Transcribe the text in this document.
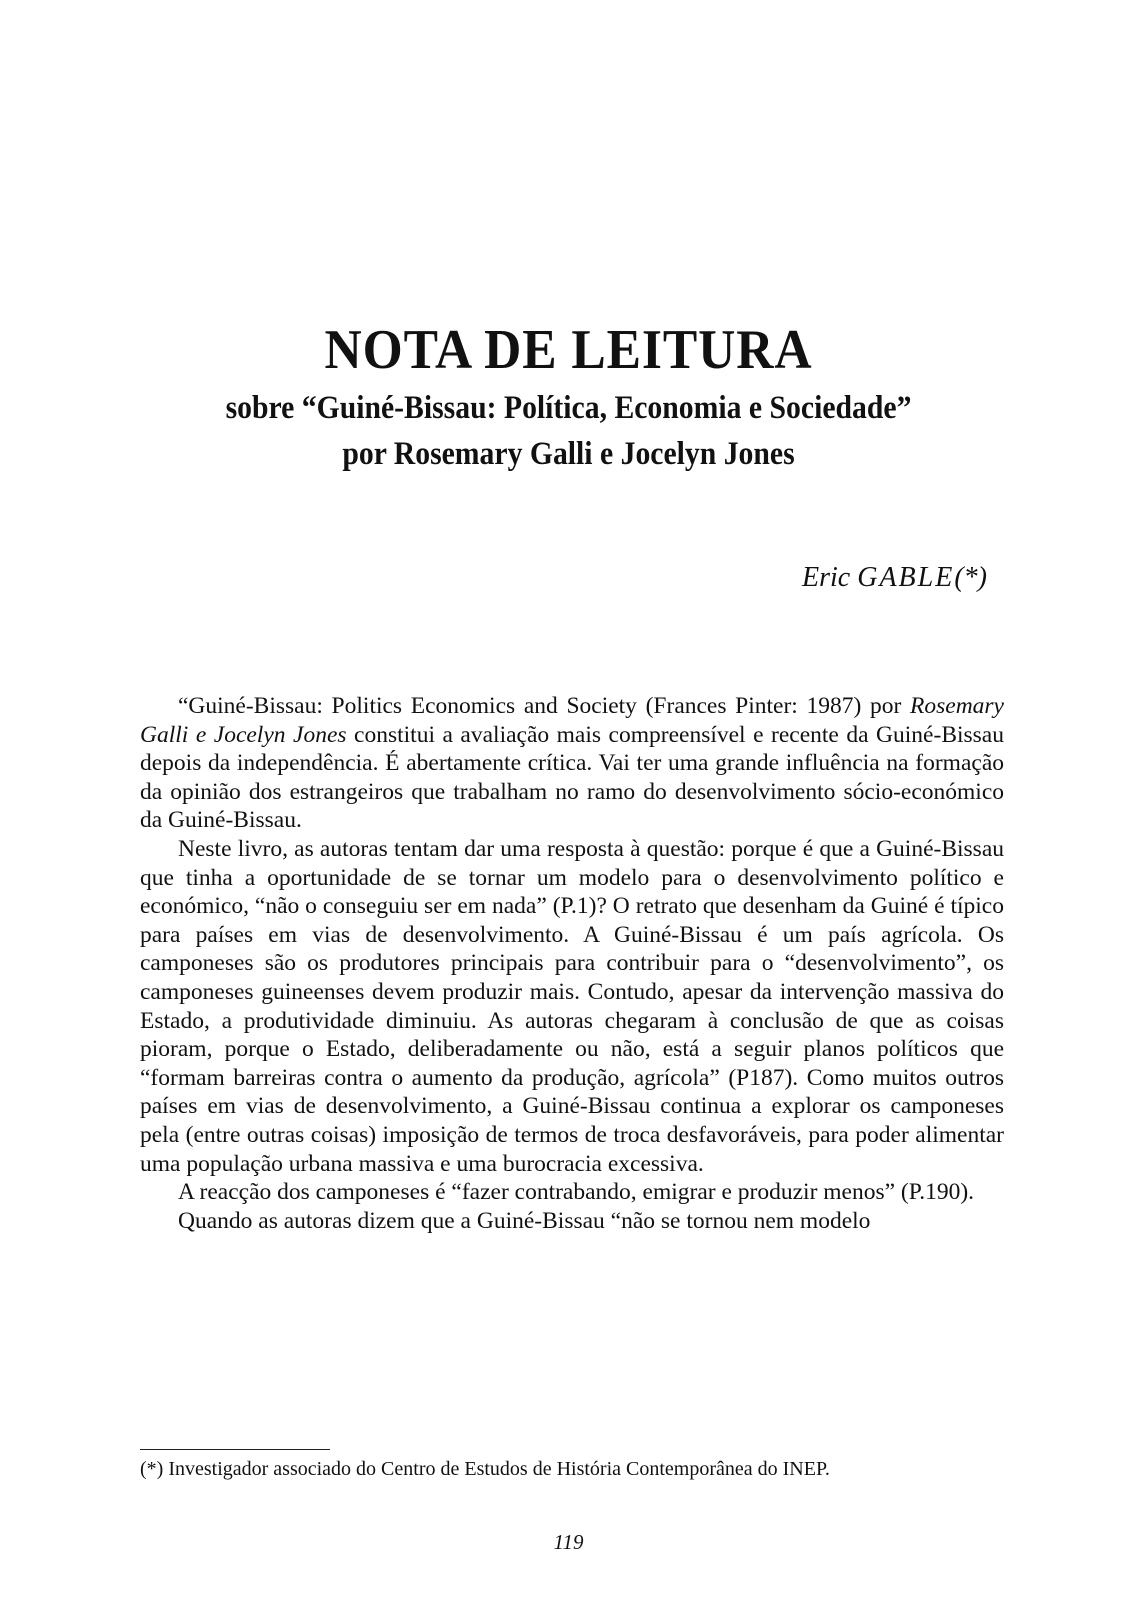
NOTA DE LEITURA
sobre “Guiné-Bissau: Política, Economia e Sociedade”
por Rosemary Galli e Jocelyn Jones
Eric GABLE(*)

“Guiné-Bissau: Politics Economics and Society (Frances Pinter: 1987) por Rosemary Galli e Jocelyn Jones constitui a avaliação mais compreensível e recente da Guiné-Bissau depois da independência. É abertamente crítica. Vai ter uma grande influência na formação da opinião dos estrangeiros que trabalham no ramo do desenvolvimento sócio-económico da Guiné-Bissau.

Neste livro, as autoras tentam dar uma resposta à questão: porque é que a Guiné-Bissau que tinha a oportunidade de se tornar um modelo para o desenvolvimento político e económico, “não o conseguiu ser em nada” (P.1)? O retrato que desenham da Guiné é típico para países em vias de desenvolvimento. A Guiné-Bissau é um país agrícola. Os camponeses são os produtores principais para contribuir para o “desenvolvimento”, os camponeses guineenses devem produzir mais. Contudo, apesar da intervenção massiva do Estado, a produtividade diminuiu. As autoras chegaram à conclusão de que as coisas pioram, porque o Estado, deliberadamente ou não, está a seguir planos políticos que “formam barreiras contra o aumento da produção, agrícola” (P187). Como muitos outros países em vias de desenvolvimento, a Guiné-Bissau continua a explorar os camponeses pela (entre outras coisas) imposição de termos de troca desfavoráveis, para poder alimentar uma população urbana massiva e uma burocracia excessiva.

A reacção dos camponeses é “fazer contrabando, emigrar e produzir menos” (P.190).

Quando as autoras dizem que a Guiné-Bissau “não se tornou nem modelo

(*) Investigador associado do Centro de Estudos de História Contemporânea do INEP.
119
